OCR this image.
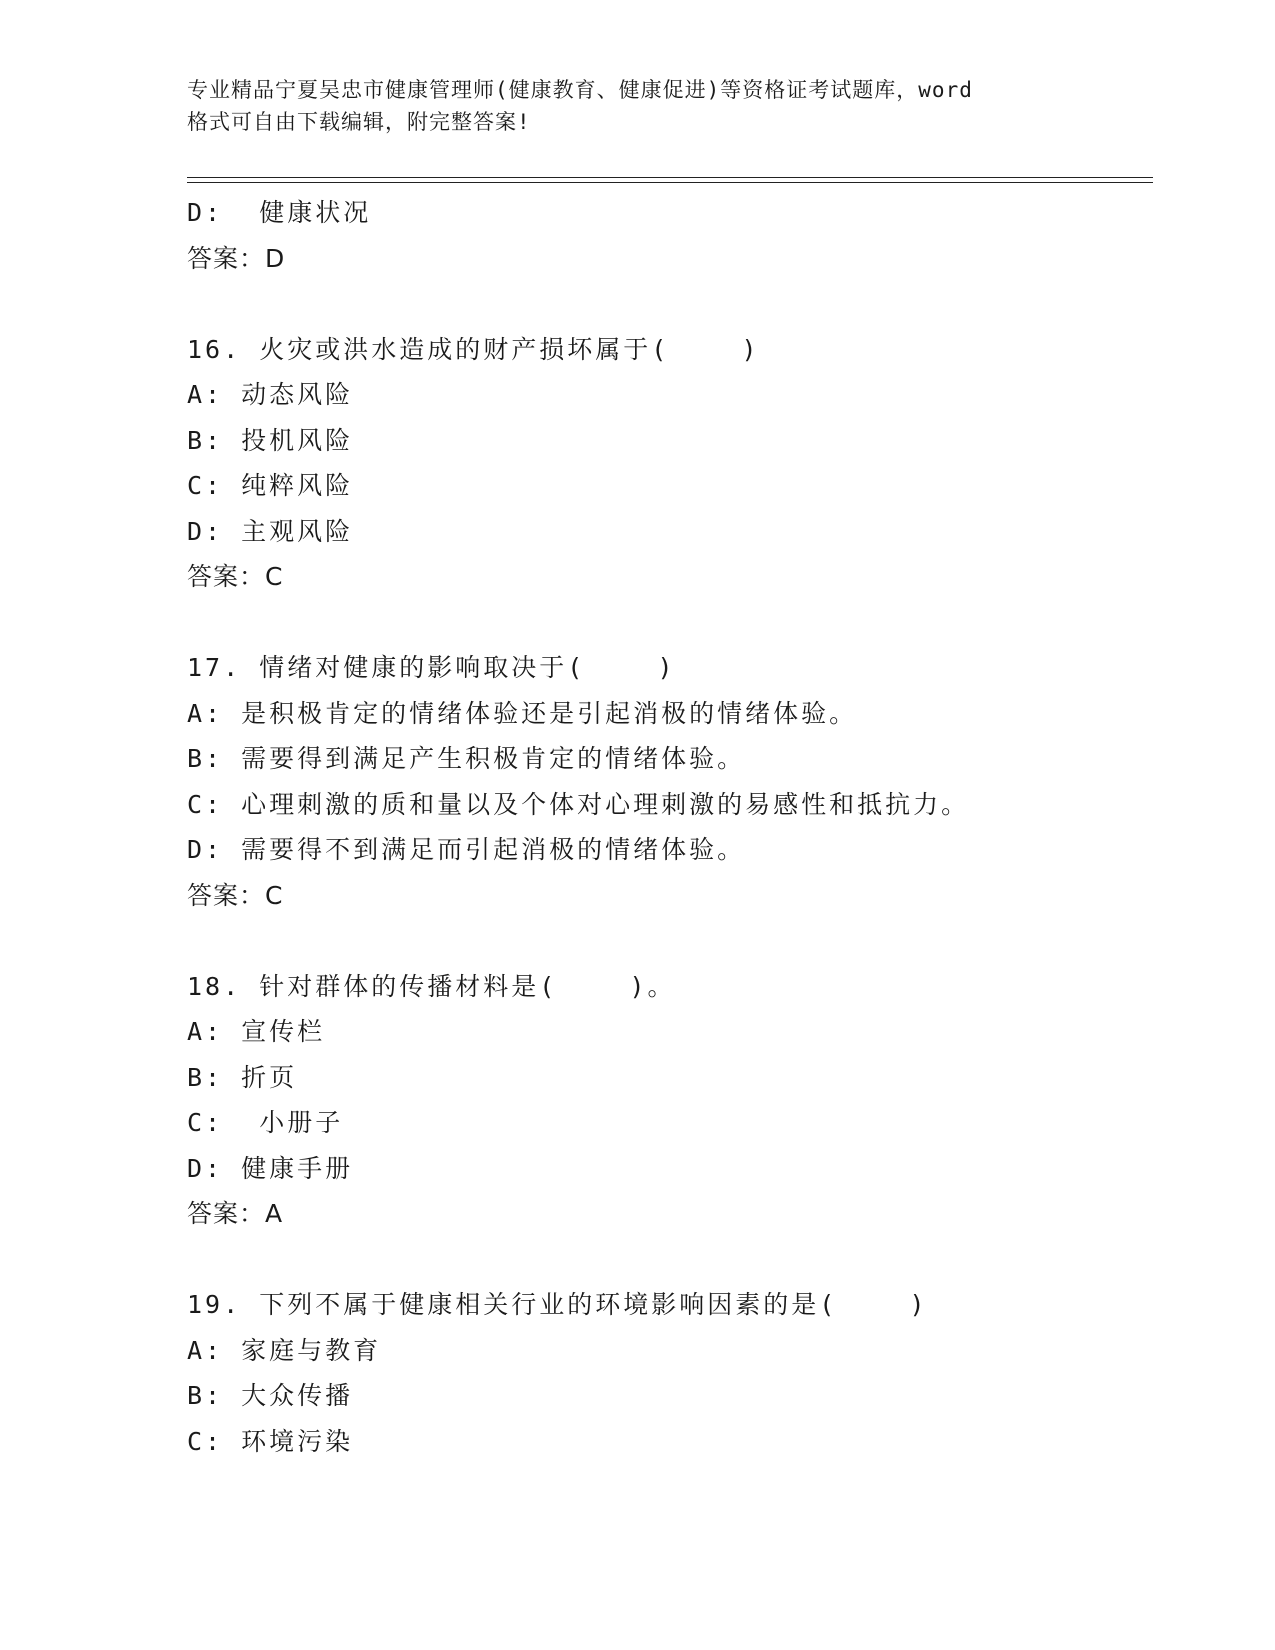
专业精品宁夏吴忠市健康管理师(健康教育、健康促进)等资格证考试题库，word
格式可自由下载编辑，附完整答案!
D:  健康状况
答案：D
16. 火灾或洪水造成的财产损坏属于(    )
A: 动态风险
B: 投机风险
C: 纯粹风险
D: 主观风险
答案：C
17. 情绪对健康的影响取决于(    )
A: 是积极肯定的情绪体验还是引起消极的情绪体验。
B: 需要得到满足产生积极肯定的情绪体验。
C: 心理刺激的质和量以及个体对心理刺激的易感性和抵抗力。
D: 需要得不到满足而引起消极的情绪体验。
答案：C
18. 针对群体的传播材料是(    )。
A: 宣传栏
B: 折页
C:  小册子
D: 健康手册
答案：A
19. 下列不属于健康相关行业的环境影响因素的是(    )
A: 家庭与教育
B: 大众传播
C: 环境污染
